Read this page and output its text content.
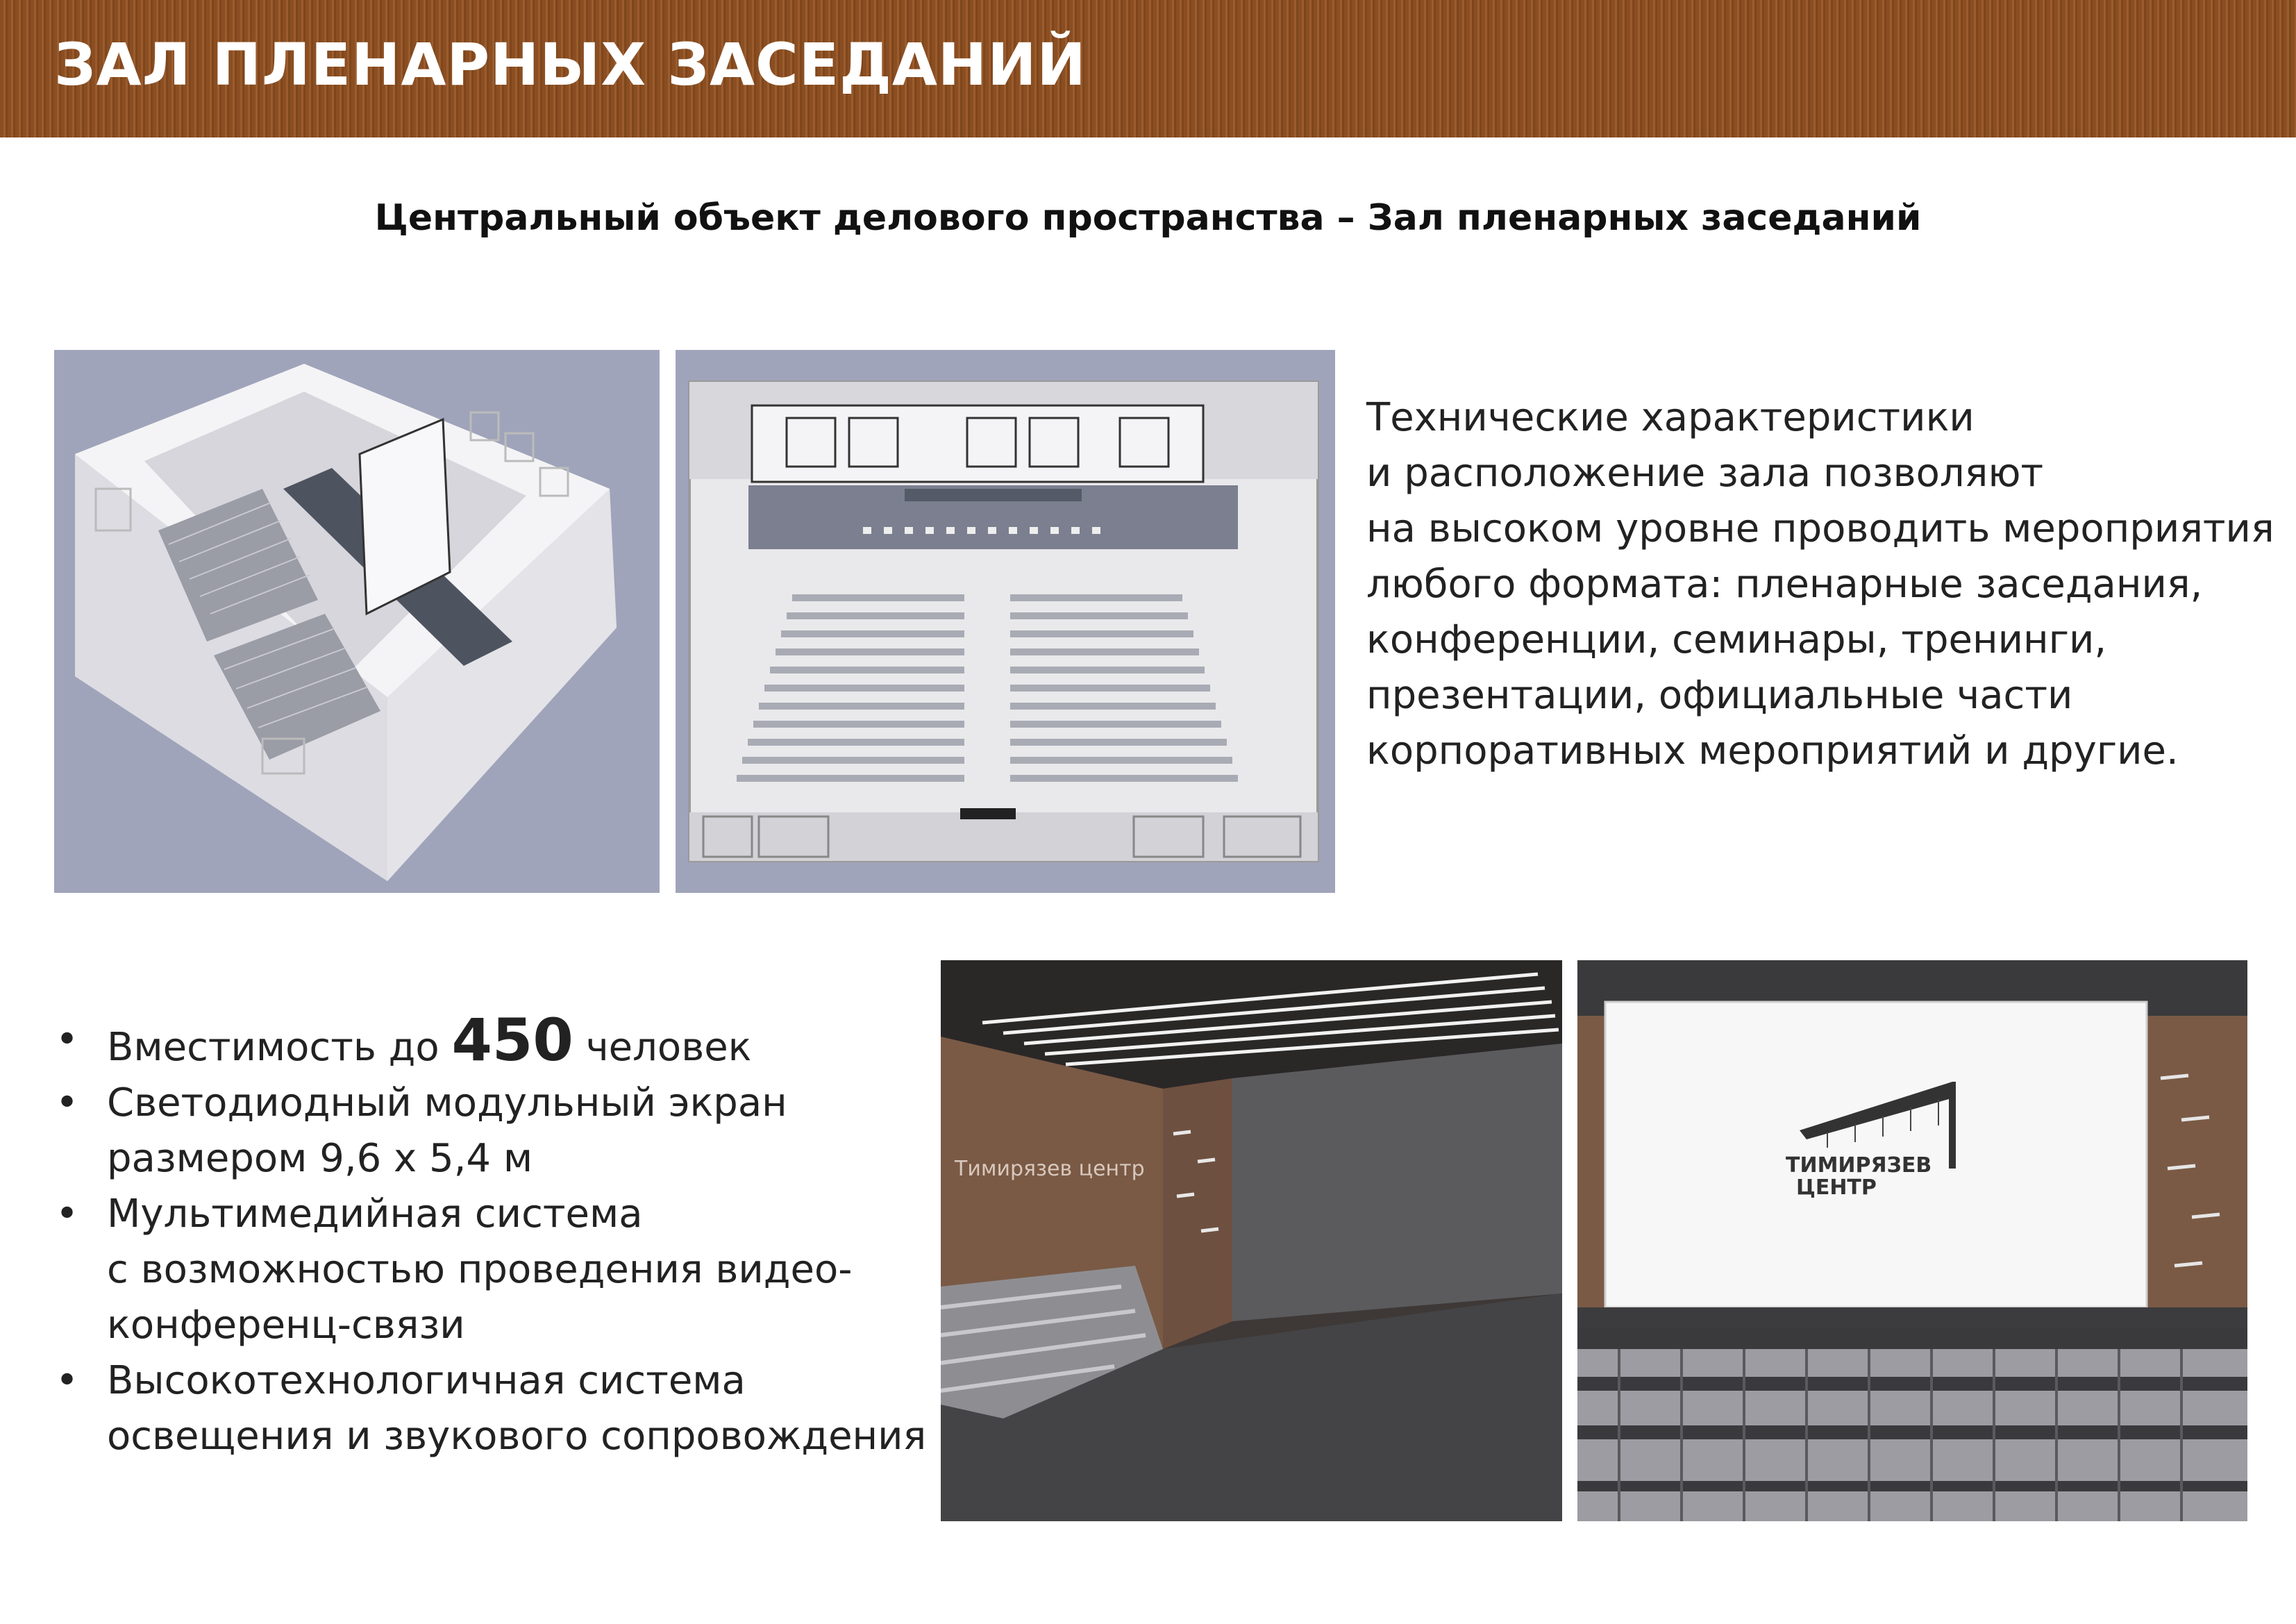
ЗАЛ ПЛЕНАРНЫХ ЗАСЕДАНИЙ
Центральный объект делового пространства – Зал пленарных заседаний
Технические характеристики
и расположение зала позволяют
на высоком уровне проводить мероприятия
любого формата: пленарные заседания,
конференции, семинары, тренинги,
презентации, официальные части
корпоративных мероприятий и другие.
• Вместимость до 450 человек
• Светодиодный модульный экран
размером 9,6 х 5,4 м
• Мультимедийная система
с возможностью проведения видео-
конференц-связи
• Высокотехнологичная система
освещения и звукового сопровождения
Тимирязев центр	ТИМИРЯЗЕВ
ЦЕНТР
